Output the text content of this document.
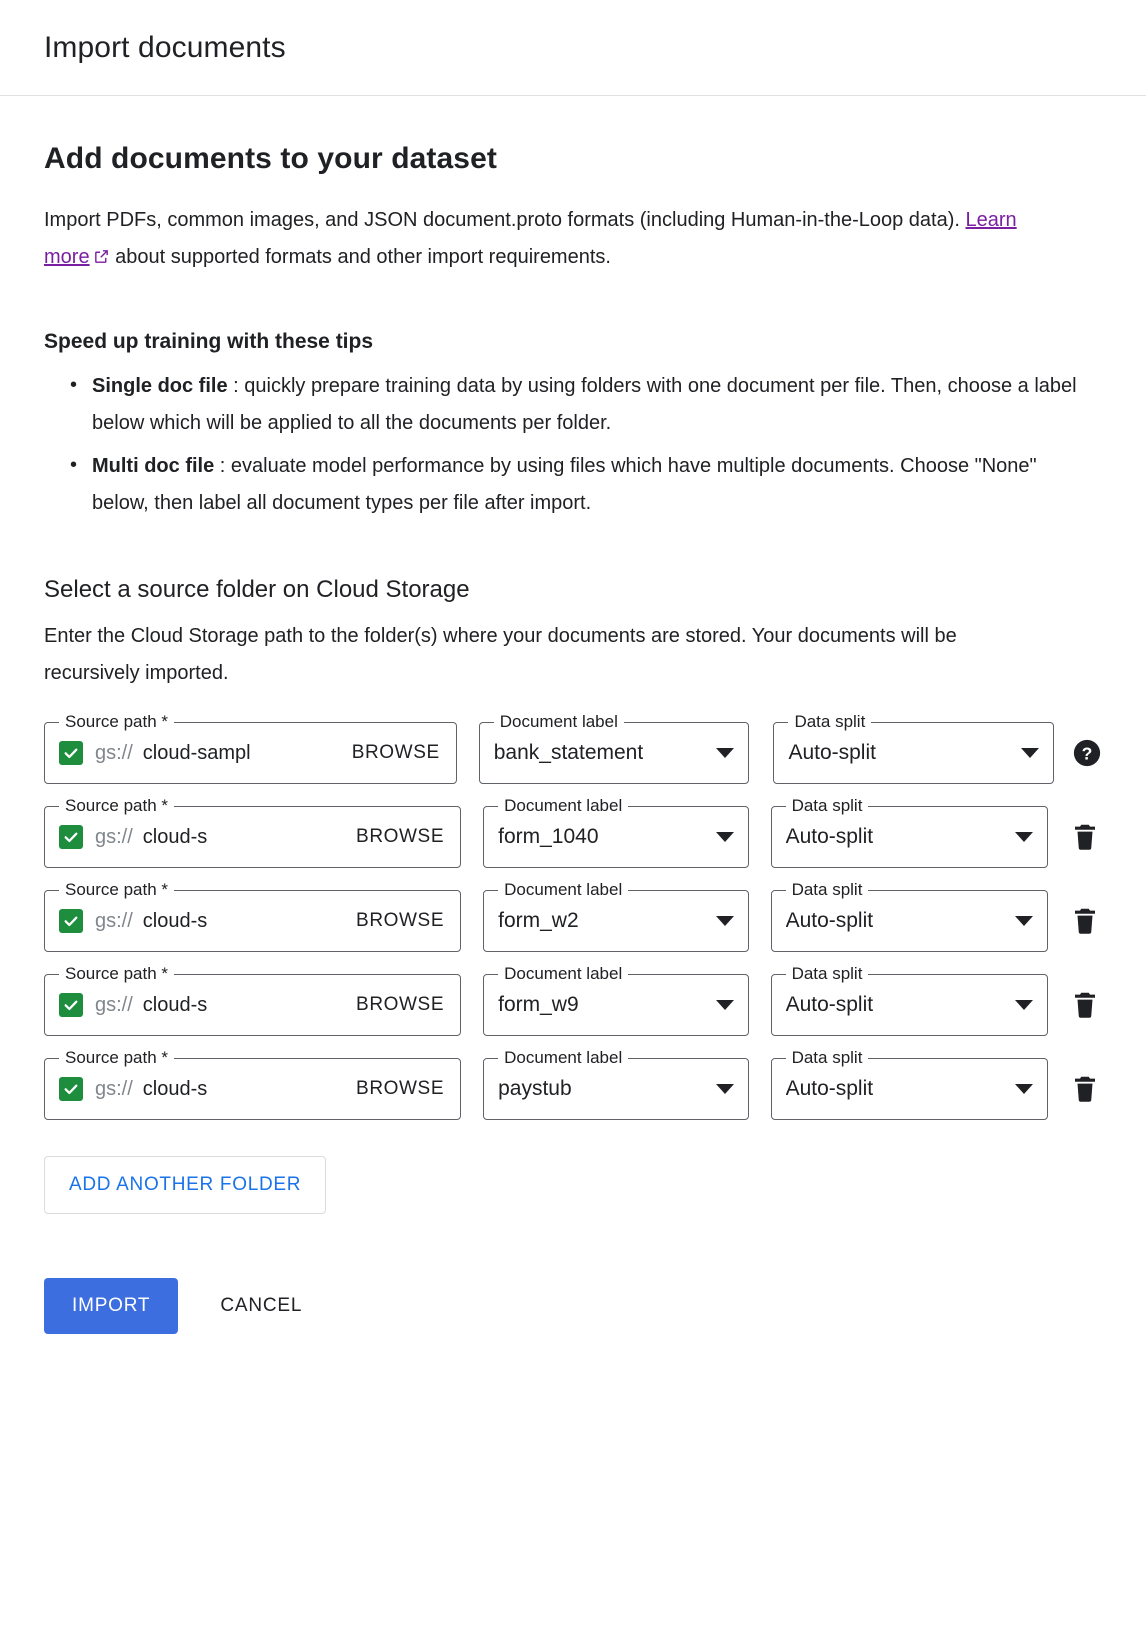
Import documents
Add documents to your dataset

Import PDFs, common images, and JSON document.proto formats (including Human-in-the-Loop data). Learn more about supported formats and other import requirements.

Speed up training with these tips
• Single doc file : quickly prepare training data by using folders with one document per file. Then, choose a label below which will be applied to all the documents per folder.
• Multi doc file : evaluate model performance by using files which have multiple documents. Choose "None" below, then label all document types per file after import.
Select a source folder on Cloud Storage

Enter the Cloud Storage path to the folder(s) where your documents are stored. Your documents will be recursively imported.

Source path *
gs:// cloud-sampl	BROWSE
Document label
bank_statement
Data split
Auto-split	?
Source path *
gs:// cloud-s	BROWSE
Document label
form_1040
Data split
Auto-split
Source path *
gs:// cloud-s	BROWSE
Document label
form_w2
Data split
Auto-split
Source path *
gs:// cloud-s	BROWSE
Document label
form_w9
Data split
Auto-split
Source path *
gs:// cloud-s	BROWSE
Document label
paystub
Data split
Auto-split
ADD ANOTHER FOLDER
IMPORT	CANCEL
